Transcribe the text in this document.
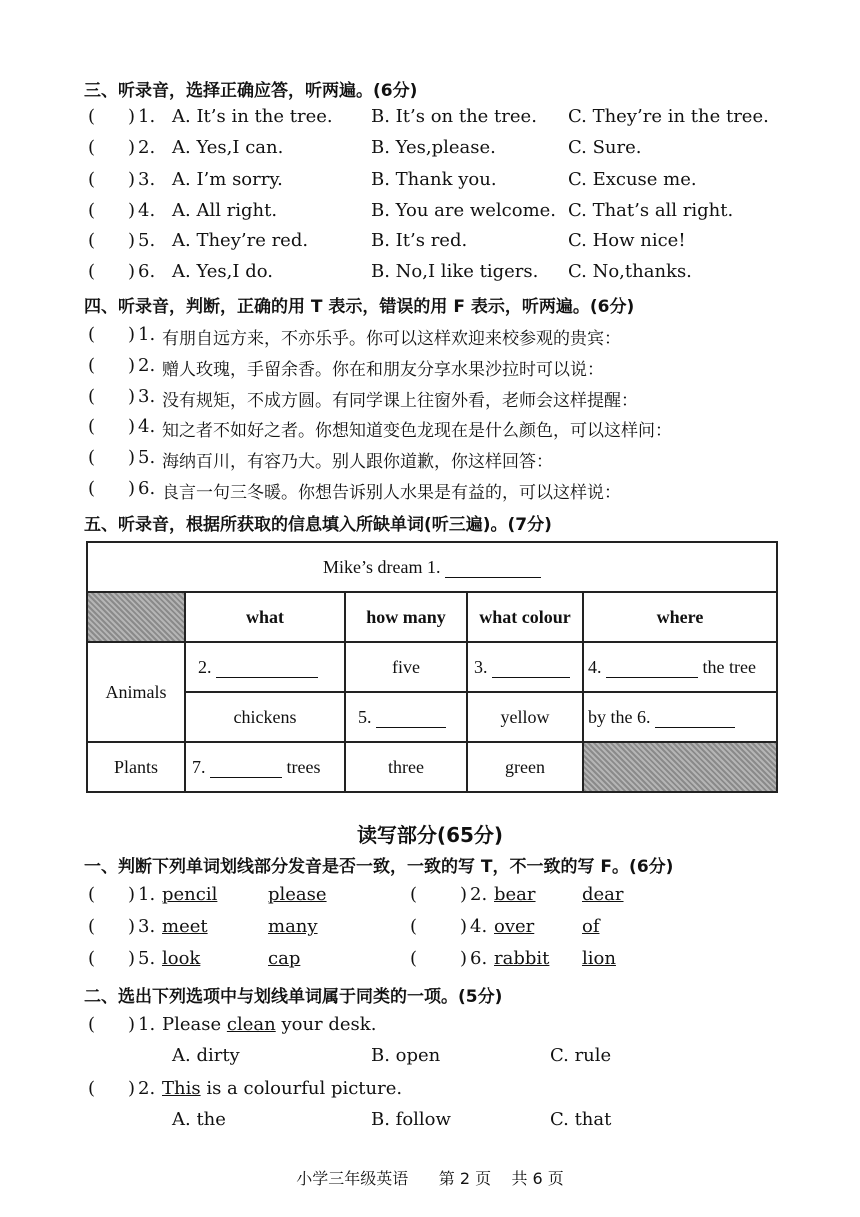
三、听录音，选择正确应答，听两遍。(6分)
( ) 1. A. It’s in the tree. B. It’s on the tree. C. They’re in the tree.
( ) 2. A. Yes,I can.	B. Yes,please.	C. Sure.
( ) 3. A. I’m sorry.	B. Thank you.	C. Excuse me.
( ) 4. A. All right.	B. You are welcome. C. That’s all right.
( ) 5. A. They’re red.	B. It’s red.	C. How nice!
( ) 6. A. Yes,I do.	B. No,I like tigers. C. No,thanks.
四、听录音，判断，正确的用 T 表示，错误的用 F 表示，听两遍。(6分)
( ) 1. 有朋自远方来，不亦乐乎。你可以这样欢迎来校参观的贵宾：
( ) 2. 赠人玫瑰，手留余香。你在和朋友分享水果沙拉时可以说：
( ) 3. 没有规矩，不成方圆。有同学课上往窗外看，老师会这样提醒：
( ) 4. 知之者不如好之者。你想知道变色龙现在是什么颜色，可以这样问：
( ) 5. 海纳百川，有容乃大。别人跟你道歉，你这样回答：
( ) 6. 良言一句三冬暖。你想告诉别人水果是有益的，可以这样说：
五、听录音，根据所获取的信息填入所缺单词(听三遍)。(7分)
Mike’s dream 1.				
	what	how many	what colour	where
Animals	2.	five	3.	4. the tree
	chickens	5.	yellow	by the 6.
Plants	7. trees	three	green	
读写部分(65分)
一、判断下列单词划线部分发音是否一致，一致的写 T，不一致的写 F。(6分)
( ) 1. pencil	please	( ) 2. bear	dear
( ) 3. meet	many	( ) 4. over	of
( ) 5. look	cap	( ) 6. rabbit lion
二、选出下列选项中与划线单词属于同类的一项。(5分)
( ) 1. Please clean your desk.
A. dirty	B. open	C. rule
( ) 2. This is a colourful picture.
A. the	B. follow	C. that
小学三年级英语 第 2 页 共 6 页
